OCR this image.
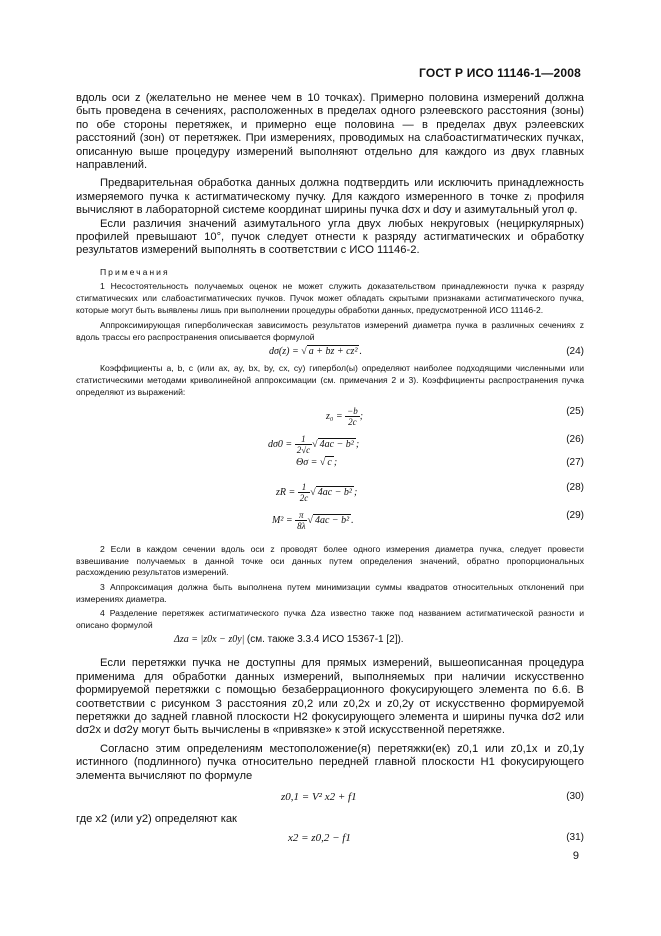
ГОСТ Р ИСО 11146-1—2008

вдоль оси z (желательно не менее чем в 10 точках). Примерно половина измерений должна быть проведена в сечениях, расположенных в пределах одного рэлеевского расстояния (зоны) по обе стороны перетяжек, и примерно еще половина — в пределах двух рэлеевских расстояний (зон) от перетяжек. При измерениях, проводимых на слабоастигматических пучках, описанную выше процедуру измерений выполняют отдельно для каждого из двух главных направлений.

Предварительная обработка данных должна подтвердить или исключить принадлежность измеряемого пучка к астигматическому пучку. Для каждого измеренного в точке zᵢ профиля вычисляют в лабораторной системе координат ширины пучка dσx и dσy и азимутальный угол φ.

Если различия значений азимутального угла двух любых некруговых (нециркулярных) профилей превышают 10°, пучок следует отнести к разряду астигматических и обработку результатов измерений выполнять в соответствии с ИСО 11146-2.

Примечания

1 Несостоятельность получаемых оценок не может служить доказательством принадлежности пучка к разряду стигматических или слабоастигматических пучков. Пучок может обладать скрытыми признаками астигматического пучка, которые могут быть выявлены лишь при выполнении процедуры обработки данных, предусмотренной ИСО 11146-2.

Аппроксимирующая гиперболическая зависимость результатов измерений диаметра пучка в различных сечениях z вдоль трассы его распространения описывается формулой

dσ(z) = √ a + bz + cz² .	(24)

Коэффициенты a, b, c (или ax, ay, bx, by, cx, cy) гипербол(ы) определяют наиболее подходящими численными или статистическими методами криволинейной аппроксимации (см. примечания 2 и 3). Коэффициенты распространения пучка определяют из выражений:

$z_0 = \frac{-b}{2c}$ ;	(25)
$d\sigma 0 = \frac{1}{2√c}$ √ 4ac − b² ;	(26)
Θσ = √ c ;	(27)
zR = $\frac{1}{2c}$ √ 4ac − b² ;	(28)
$M^2 = \frac{\pi}{8\lambda}$ √ 4ac − b² .	(29)

2 Если в каждом сечении вдоль оси z проводят более одного измерения диаметра пучка, следует провести взвешивание получаемых в данной точке оси данных путем определения значений, обратно пропорциональных расхождению результатов измерений.

3 Аппроксимация должна быть выполнена путем минимизации суммы квадратов относительных отклонений при измерениях диаметра.

4 Разделение перетяжек астигматического пучка Δza известно также под названием астигматической разности и описано формулой

Δza = |z0x − z0y| (см. также 3.3.4 ИСО 15367-1 [2]).

Если перетяжки пучка не доступны для прямых измерений, вышеописанная процедура применима для обработки данных измерений, выполняемых при наличии искусственно формируемой перетяжки с помощью безаберрационного фокусирующего элемента по 6.6. В соответствии с рисунком 3 расстояния z0,2 или z0,2x и z0,2y от искусственно формируемой перетяжки до задней главной плоскости H2 фокусирующего элемента и ширины пучка dσ2 или dσ2x и dσ2y могут быть вычислены в «привязке» к этой искусственной перетяжке.

Согласно этим определениям местоположение(я) перетяжки(ек) z0,1 или z0,1x и z0,1y истинного (подлинного) пучка относительно передней главной плоскости H1 фокусирующего элемента вычисляют по формуле

z0,1 = V² x2 + f1	(30)

где x2 (или y2) определяют как

x2 = z0,2 − f1	(31)
9
